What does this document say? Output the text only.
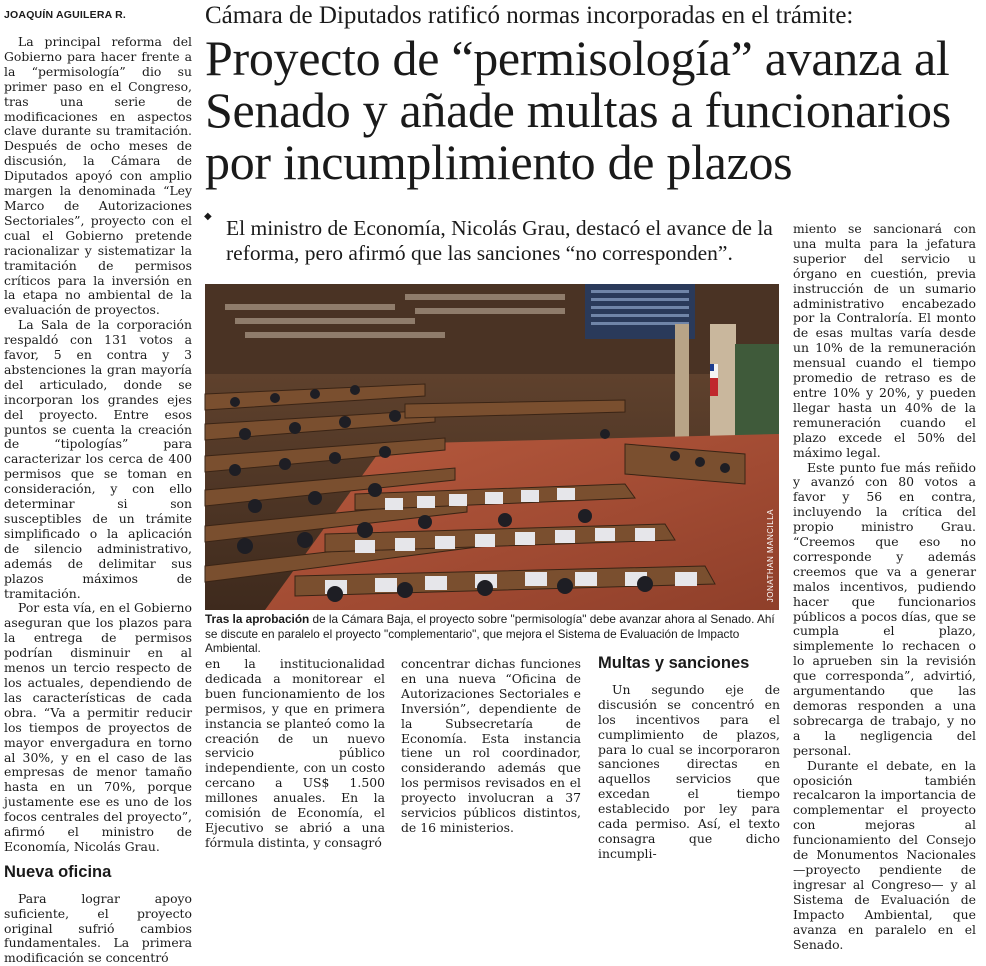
JOAQUÍN AGUILERA R.	Cámara de Diputados ratificó normas incorporadas en el trámite:
Proyecto de “permisología” avanza al Senado y añade multas a funcionarios por incumplimiento de plazos
◆ El ministro de Economía, Nicolás Grau, destacó el avance de la reforma, pero afirmó que las sanciones “no corresponden”.

La principal reforma del Gobierno para hacer frente a la “permisología” dio su primer paso en el Congreso, tras una serie de modificaciones en aspectos clave durante su tramitación. Después de ocho meses de discusión, la Cámara de Diputados apoyó con amplio margen la denominada “Ley Marco de Autorizaciones Sectoriales”, proyecto con el cual el Gobierno pretende racionalizar y sistematizar la tramitación de permisos críticos para la inversión en la etapa no ambiental de la evaluación de proyectos.

La Sala de la corporación respaldó con 131 votos a favor, 5 en contra y 3 abstenciones la gran mayoría del articulado, donde se incorporan los grandes ejes del proyecto. Entre esos puntos se cuenta la creación de “tipologías” para caracterizar los cerca de 400 permisos que se toman en consideración, y con ello determinar si son susceptibles de un trámite simplificado o la aplicación de silencio administrativo, además de delimitar sus plazos máximos de tramitación.

Por esta vía, en el Gobierno aseguran que los plazos para la entrega de permisos podrían disminuir en al menos un tercio respecto de los actuales, dependiendo de las características de cada obra. “Va a permitir reducir los tiempos de proyectos de mayor envergadura en torno al 30%, y en el caso de las empresas de menor tamaño hasta en un 70%, porque justamente ese es uno de los focos centrales del proyecto”, afirmó el ministro de Economía, Nicolás Grau.

Nueva oficina

Para lograr apoyo suficiente, el proyecto original sufrió cambios fundamentales. La primera modificación se concentró

JONATHAN MANCILLA
Tras la aprobación de la Cámara Baja, el proyecto sobre "permisología" debe avanzar ahora al Senado. Ahí se discute en paralelo el proyecto "complementario", que mejora el Sistema de Evaluación de Impacto Ambiental.

en la institucionalidad dedicada a monitorear el buen funcionamiento de los permisos, y que en primera instancia se planteó como la creación de un nuevo servicio público independiente, con un costo cercano a US$ 1.500 millones anuales. En la comisión de Economía, el Ejecutivo se abrió a una fórmula distinta, y consagró

concentrar dichas funciones en una nueva “Oficina de Autorizaciones Sectoriales e Inversión”, dependiente de la Subsecretaría de Economía. Esta instancia tiene un rol coordinador, considerando además que los permisos revisados en el proyecto involucran a 37 servicios públicos distintos, de 16 ministerios.

Multas y sanciones

Un segundo eje de discusión se concentró en los incentivos para el cumplimiento de plazos, para lo cual se incorporaron sanciones directas en aquellos servicios que excedan el tiempo establecido por ley para cada permiso. Así, el texto consagra que dicho incumpli-

miento se sancionará con una multa para la jefatura superior del servicio u órgano en cuestión, previa instrucción de un sumario administrativo encabezado por la Contraloría. El monto de esas multas varía desde un 10% de la remuneración mensual cuando el tiempo promedio de retraso es de entre 10% y 20%, y pueden llegar hasta un 40% de la remuneración cuando el plazo excede el 50% del máximo legal.

Este punto fue más reñido y avanzó con 80 votos a favor y 56 en contra, incluyendo la crítica del propio ministro Grau. “Creemos que eso no corresponde y además creemos que va a generar malos incentivos, pudiendo hacer que funcionarios públicos a pocos días, que se cumpla el plazo, simplemente lo rechacen o lo aprueben sin la revisión que corresponda”, advirtió, argumentando que las demoras responden a una sobrecarga de trabajo, y no a la negligencia del personal.

Durante el debate, en la oposición también recalcaron la importancia de complementar el proyecto con mejoras al funcionamiento del Consejo de Monumentos Nacionales —proyecto pendiente de ingresar al Congreso— y al Sistema de Evaluación de Impacto Ambiental, que avanza en paralelo en el Senado.
